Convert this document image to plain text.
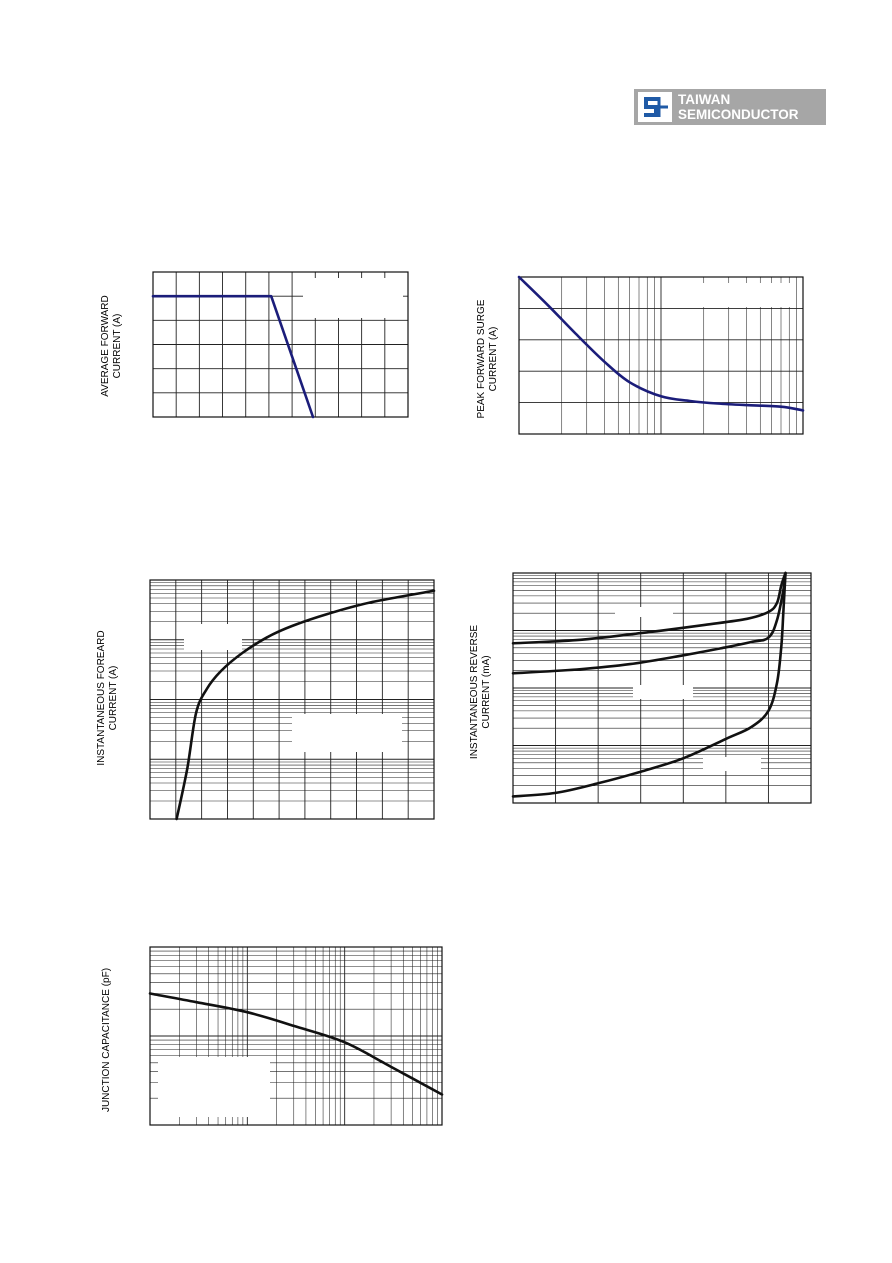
TAIWAN
SEMICONDUCTOR
AVERAGE FORWARD CURRENT (A)	PEAK FORWARD SURGE CURRENT (A)
INSTANTANEOUS FOREARD CURRENT (A)	INSTANTANEOUS REVERSE CURRENT (mA)
JUNCTION CAPACITANCE (pF)
